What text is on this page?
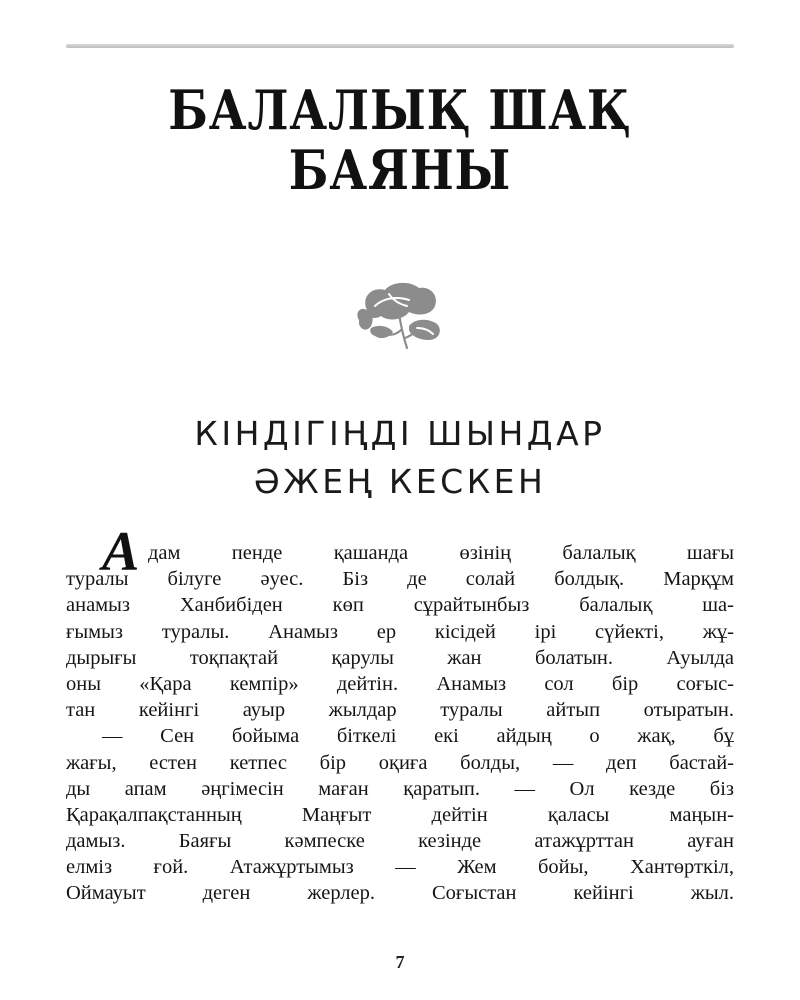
БАЛАЛЫҚ ШАҚ
БАЯНЫ
КІНДІГІҢДІ ШЫНДАР
ӘЖЕҢ КЕСКЕН
А дам пенде қашанда өзінің балалық шағы
туралы білуге әуес. Біз де солай болдық. Марқұм
анамыз Ханбибіден көп сұрайтынбыз балалық ша-
ғымыз туралы. Анамыз ер кісідей ірі сүйекті, жұ-
дырығы тоқпақтай қарулы жан болатын. Ауылда
оны «Қара кемпір» дейтін. Анамыз сол бір соғыс-
тан кейінгі ауыр жылдар туралы айтып отыратын.
— Сен бойыма біткелі екі айдың о жақ, бұ
жағы, естен кетпес бір оқиға болды, — деп бастай-
ды апам әңгімесін маған қаратып. — Ол кезде біз
Қарақалпақстанның Маңғыт дейтін қаласы маңын-
дамыз. Баяғы кәмпеске кезінде атажұрттан ауған
елміз ғой. Атажұртымыз — Жем бойы, Хантөрткіл,
Оймауыт деген жерлер. Соғыстан кейінгі жыл.
7
